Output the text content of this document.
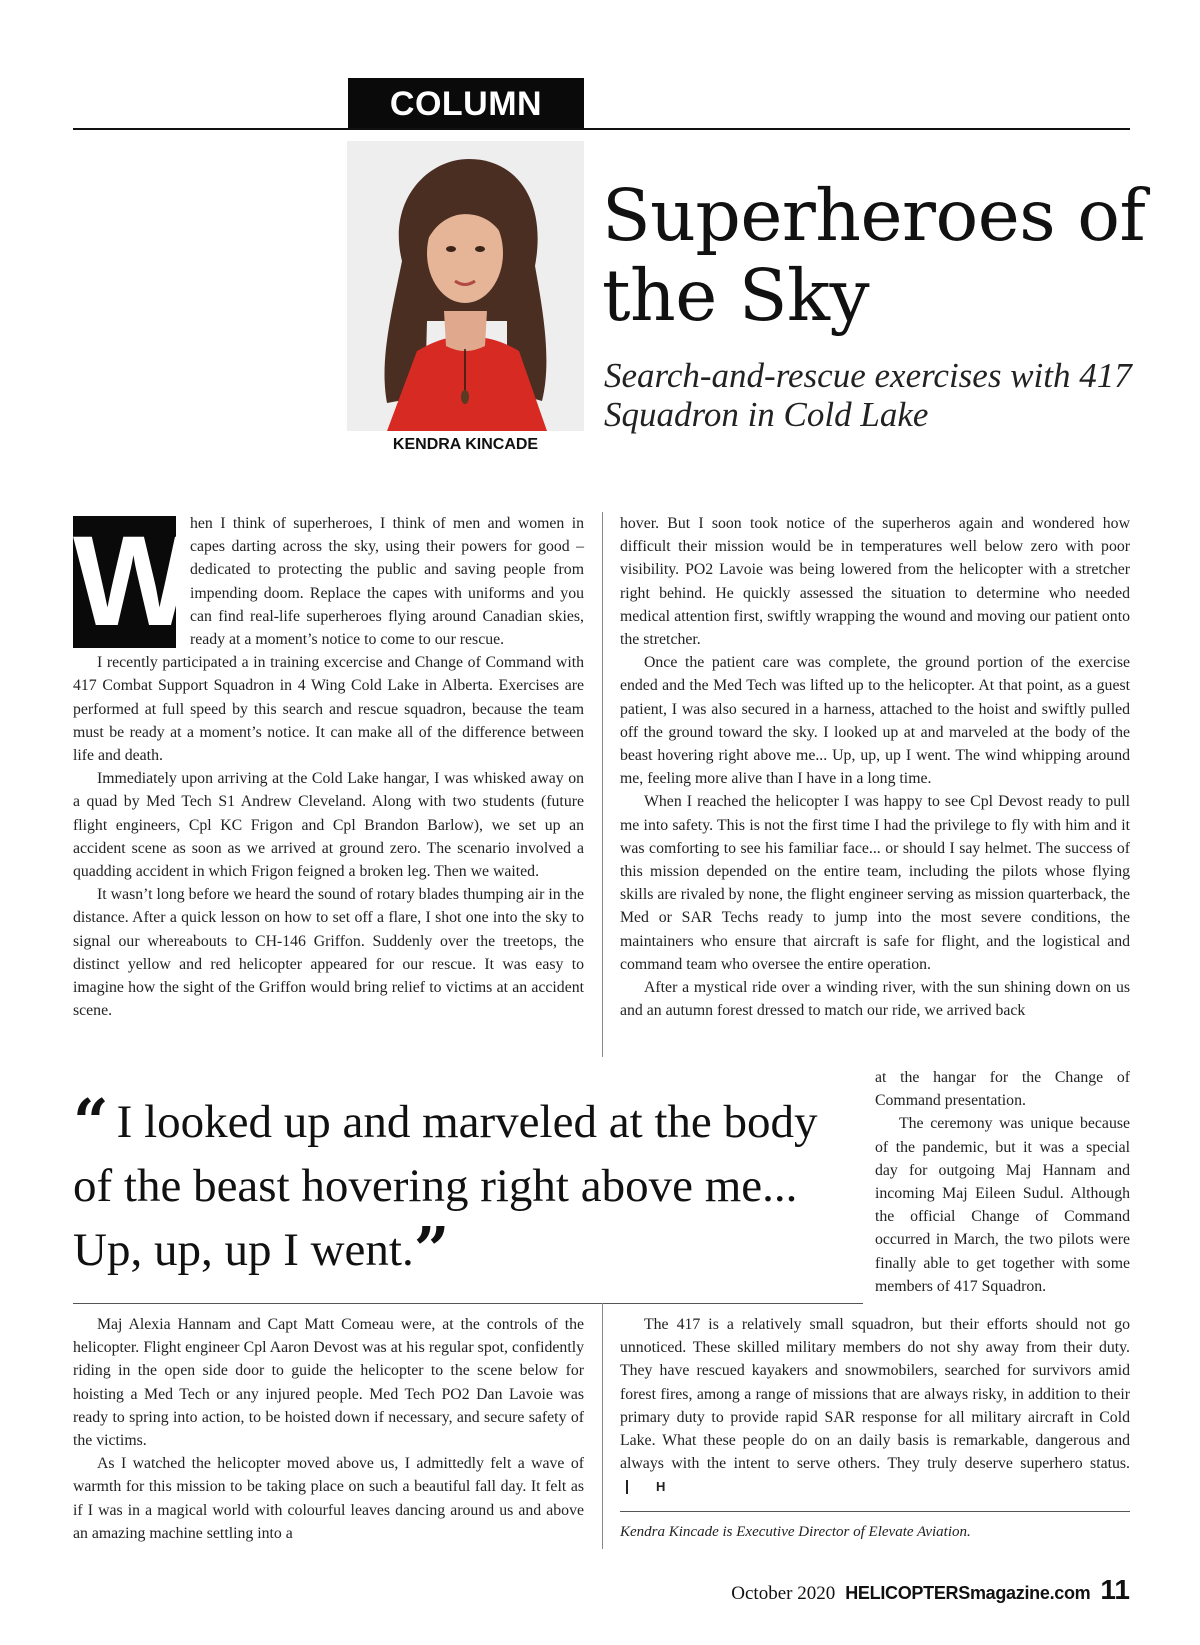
COLUMN
KENDRA KINCADE
Superheroes of the Sky
Search-and-rescue exercises with 417 Squadron in Cold Lake
W hen I think of superheroes, I think of men and women in capes darting across the sky, using their powers for good – dedicated to protecting the public and saving people from impending doom. Replace the capes with uniforms and you can find real-life superheroes flying around Canadian skies, ready at a moment’s notice to come to our rescue.

I recently participated a in training excercise and Change of Command with 417 Combat Support Squadron in 4 Wing Cold Lake in Alberta. Exercises are performed at full speed by this search and rescue squadron, because the team must be ready at a moment’s notice. It can make all of the difference between life and death.

Immediately upon arriving at the Cold Lake hangar, I was whisked away on a quad by Med Tech S1 Andrew Cleveland. Along with two students (future flight engineers, Cpl KC Frigon and Cpl Brandon Barlow), we set up an accident scene as soon as we arrived at ground zero. The scenario involved a quadding accident in which Frigon feigned a broken leg. Then we waited.

It wasn’t long before we heard the sound of rotary blades thumping air in the distance. After a quick lesson on how to set off a flare, I shot one into the sky to signal our whereabouts to CH-146 Griffon. Suddenly over the treetops, the distinct yellow and red helicopter appeared for our rescue. It was easy to imagine how the sight of the Griffon would bring relief to victims at an accident scene.

hover. But I soon took notice of the superheros again and wondered how difficult their mission would be in temperatures well below zero with poor visibility. PO2 Lavoie was being lowered from the helicopter with a stretcher right behind. He quickly assessed the situation to determine who needed medical attention first, swiftly wrapping the wound and moving our patient onto the stretcher.

Once the patient care was complete, the ground portion of the exercise ended and the Med Tech was lifted up to the helicopter. At that point, as a guest patient, I was also secured in a harness, attached to the hoist and swiftly pulled off the ground toward the sky. I looked up at and marveled at the body of the beast hovering right above me... Up, up, up I went. The wind whipping around me, feeling more alive than I have in a long time.

When I reached the helicopter I was happy to see Cpl Devost ready to pull me into safety. This is not the first time I had the privilege to fly with him and it was comforting to see his familiar face... or should I say helmet. The success of this mission depended on the entire team, including the pilots whose flying skills are rivaled by none, the flight engineer serving as mission quarterback, the Med or SAR Techs ready to jump into the most severe conditions, the maintainers who ensure that aircraft is safe for flight, and the logistical and command team who oversee the entire operation.

After a mystical ride over a winding river, with the sun shining down on us and an autumn forest dressed to match our ride, we arrived back

at the hangar for the Change of Command presentation.

The ceremony was unique because of the pandemic, but it was a special day for outgoing Maj Hannam and incoming Maj Eileen Sudul. Although the official Change of Command occurred in March, the two pilots were finally able to get together with some members of 417 Squadron.

“ I looked up and marveled at the body of the beast hovering right above me... Up, up, up I went.”

Maj Alexia Hannam and Capt Matt Comeau were, at the controls of the helicopter. Flight engineer Cpl Aaron Devost was at his regular spot, confidently riding in the open side door to guide the helicopter to the scene below for hoisting a Med Tech or any injured people. Med Tech PO2 Dan Lavoie was ready to spring into action, to be hoisted down if necessary, and secure safety of the victims.

As I watched the helicopter moved above us, I admittedly felt a wave of warmth for this mission to be taking place on such a beautiful fall day. It felt as if I was in a magical world with colourful leaves dancing around us and above an amazing machine settling into a

The 417 is a relatively small squadron, but their efforts should not go unnoticed. These skilled military members do not shy away from their duty. They have rescued kayakers and snowmobilers, searched for survivors amid forest fires, among a range of missions that are always risky, in addition to their primary duty to provide rapid SAR response for all military aircraft in Cold Lake. What these people do on an daily basis is remarkable, dangerous and always with the intent to serve others. They truly deserve superhero status.H

Kendra Kincade is Executive Director of Elevate Aviation.
October 2020 HELICOPTERSmagazine.com 11
